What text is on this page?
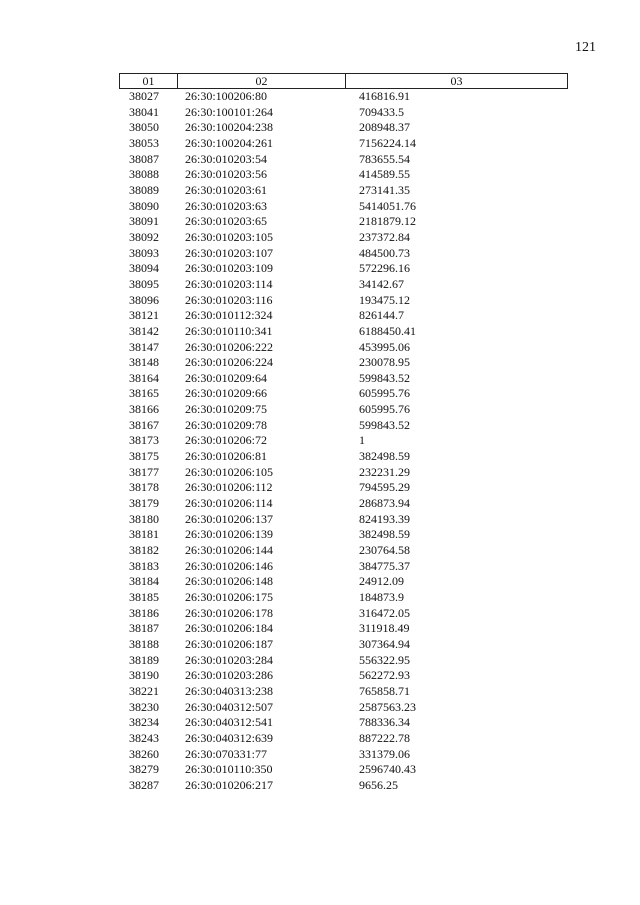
121
01	02	03
38027	26:30:100206:80	416816.91
38041	26:30:100101:264	709433.5
38050	26:30:100204:238	208948.37
38053	26:30:100204:261	7156224.14
38087	26:30:010203:54	783655.54
38088	26:30:010203:56	414589.55
38089	26:30:010203:61	273141.35
38090	26:30:010203:63	5414051.76
38091	26:30:010203:65	2181879.12
38092	26:30:010203:105	237372.84
38093	26:30:010203:107	484500.73
38094	26:30:010203:109	572296.16
38095	26:30:010203:114	34142.67
38096	26:30:010203:116	193475.12
38121	26:30:010112:324	826144.7
38142	26:30:010110:341	6188450.41
38147	26:30:010206:222	453995.06
38148	26:30:010206:224	230078.95
38164	26:30:010209:64	599843.52
38165	26:30:010209:66	605995.76
38166	26:30:010209:75	605995.76
38167	26:30:010209:78	599843.52
38173	26:30:010206:72	1
38175	26:30:010206:81	382498.59
38177	26:30:010206:105	232231.29
38178	26:30:010206:112	794595.29
38179	26:30:010206:114	286873.94
38180	26:30:010206:137	824193.39
38181	26:30:010206:139	382498.59
38182	26:30:010206:144	230764.58
38183	26:30:010206:146	384775.37
38184	26:30:010206:148	24912.09
38185	26:30:010206:175	184873.9
38186	26:30:010206:178	316472.05
38187	26:30:010206:184	311918.49
38188	26:30:010206:187	307364.94
38189	26:30:010203:284	556322.95
38190	26:30:010203:286	562272.93
38221	26:30:040313:238	765858.71
38230	26:30:040312:507	2587563.23
38234	26:30:040312:541	788336.34
38243	26:30:040312:639	887222.78
38260	26:30:070331:77	331379.06
38279	26:30:010110:350	2596740.43
38287	26:30:010206:217	9656.25
